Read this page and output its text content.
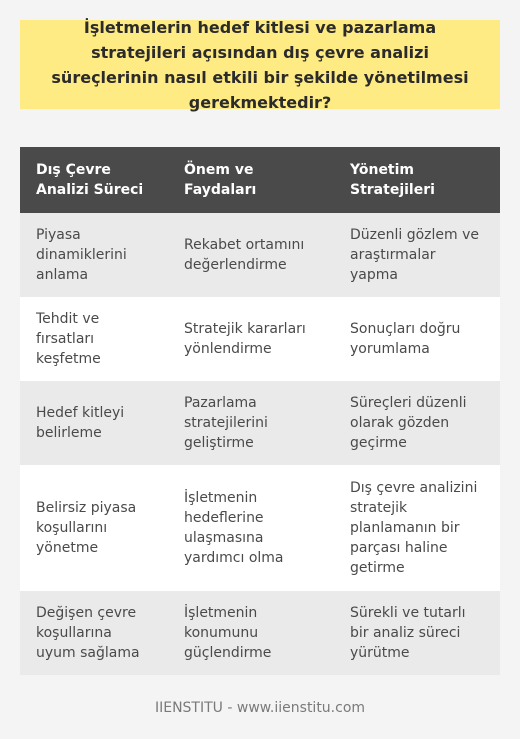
İşletmelerin hedef kitlesi ve pazarlama stratejileri açısından dış çevre analizi süreçlerinin nasıl etkili bir şekilde yönetilmesi gerekmektedir?
Dış Çevre Analizi Süreci	Önem ve Faydaları	Yönetim Stratejileri
Piyasa dinamiklerini anlama	Rekabet ortamını değerlendirme	Düzenli gözlem ve araştırmalar yapma
Tehdit ve fırsatları keşfetme	Stratejik kararları yönlendirme	Sonuçları doğru yorumlama
Hedef kitleyi belirleme	Pazarlama stratejilerini geliştirme	Süreçleri düzenli olarak gözden geçirme
Belirsiz piyasa koşullarını yönetme	İşletmenin hedeflerine ulaşmasına yardımcı olma	Dış çevre analizini stratejik planlamanın bir parçası haline getirme
Değişen çevre koşullarına uyum sağlama	İşletmenin konumunu güçlendirme	Sürekli ve tutarlı bir analiz süreci yürütme
IIENSTITU - www.iienstitu.com
